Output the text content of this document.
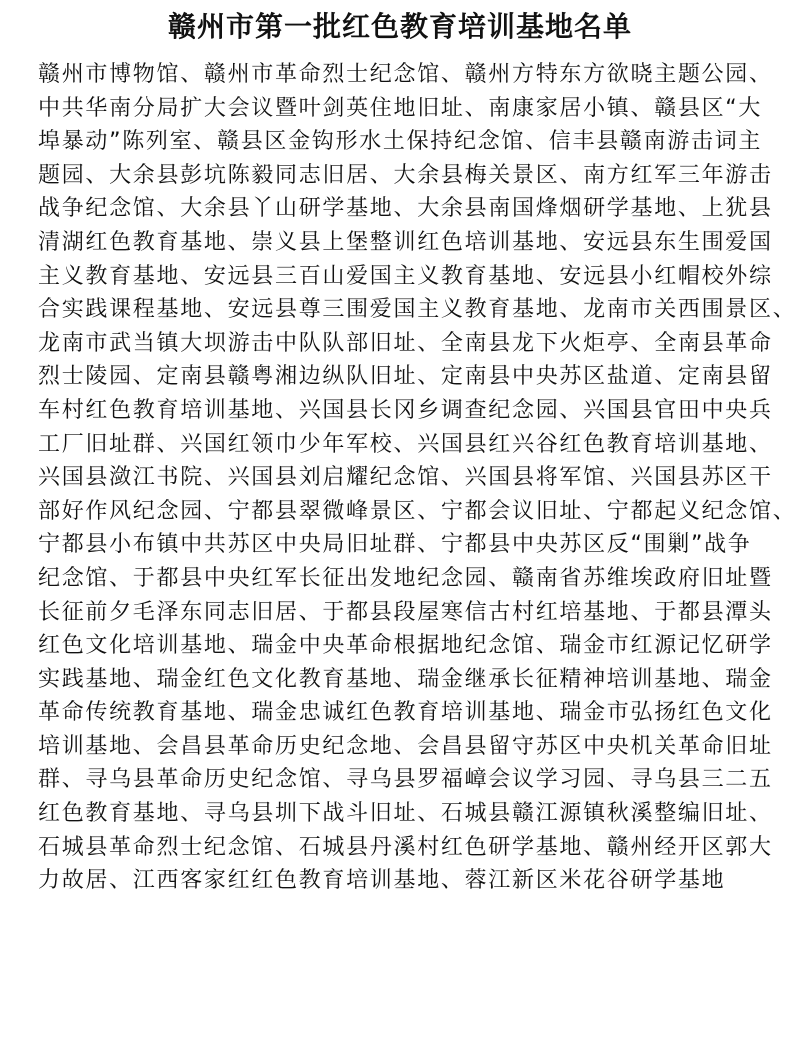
赣州市第一批红色教育培训基地名单
赣州市博物馆、赣州市革命烈士纪念馆、赣州方特东方欲晓主题公园、
中共华南分局扩大会议暨叶剑英住地旧址、南康家居小镇、赣县区“大
埠暴动”陈列室、赣县区金钩形水土保持纪念馆、信丰县赣南游击词主
题园、大余县彭坑陈毅同志旧居、大余县梅关景区、南方红军三年游击
战争纪念馆、大余县丫山研学基地、大余县南国烽烟研学基地、上犹县
清湖红色教育基地、崇义县上堡整训红色培训基地、安远县东生围爱国
主义教育基地、安远县三百山爱国主义教育基地、安远县小红帽校外综
合实践课程基地、安远县尊三围爱国主义教育基地、龙南市关西围景区、
龙南市武当镇大坝游击中队队部旧址、全南县龙下火炬亭、全南县革命
烈士陵园、定南县赣粤湘边纵队旧址、定南县中央苏区盐道、定南县留
车村红色教育培训基地、兴国县长冈乡调查纪念园、兴国县官田中央兵
工厂旧址群、兴国红领巾少年军校、兴国县红兴谷红色教育培训基地、
兴国县潋江书院、兴国县刘启耀纪念馆、兴国县将军馆、兴国县苏区干
部好作风纪念园、宁都县翠微峰景区、宁都会议旧址、宁都起义纪念馆、
宁都县小布镇中共苏区中央局旧址群、宁都县中央苏区反“围剿”战争
纪念馆、于都县中央红军长征出发地纪念园、赣南省苏维埃政府旧址暨
长征前夕毛泽东同志旧居、于都县段屋寒信古村红培基地、于都县潭头
红色文化培训基地、瑞金中央革命根据地纪念馆、瑞金市红源记忆研学
实践基地、瑞金红色文化教育基地、瑞金继承长征精神培训基地、瑞金
革命传统教育基地、瑞金忠诚红色教育培训基地、瑞金市弘扬红色文化
培训基地、会昌县革命历史纪念地、会昌县留守苏区中央机关革命旧址
群、寻乌县革命历史纪念馆、寻乌县罗福嶂会议学习园、寻乌县三二五
红色教育基地、寻乌县圳下战斗旧址、石城县赣江源镇秋溪整编旧址、
石城县革命烈士纪念馆、石城县丹溪村红色研学基地、赣州经开区郭大
力故居、江西客家红红色教育培训基地、蓉江新区米花谷研学基地
